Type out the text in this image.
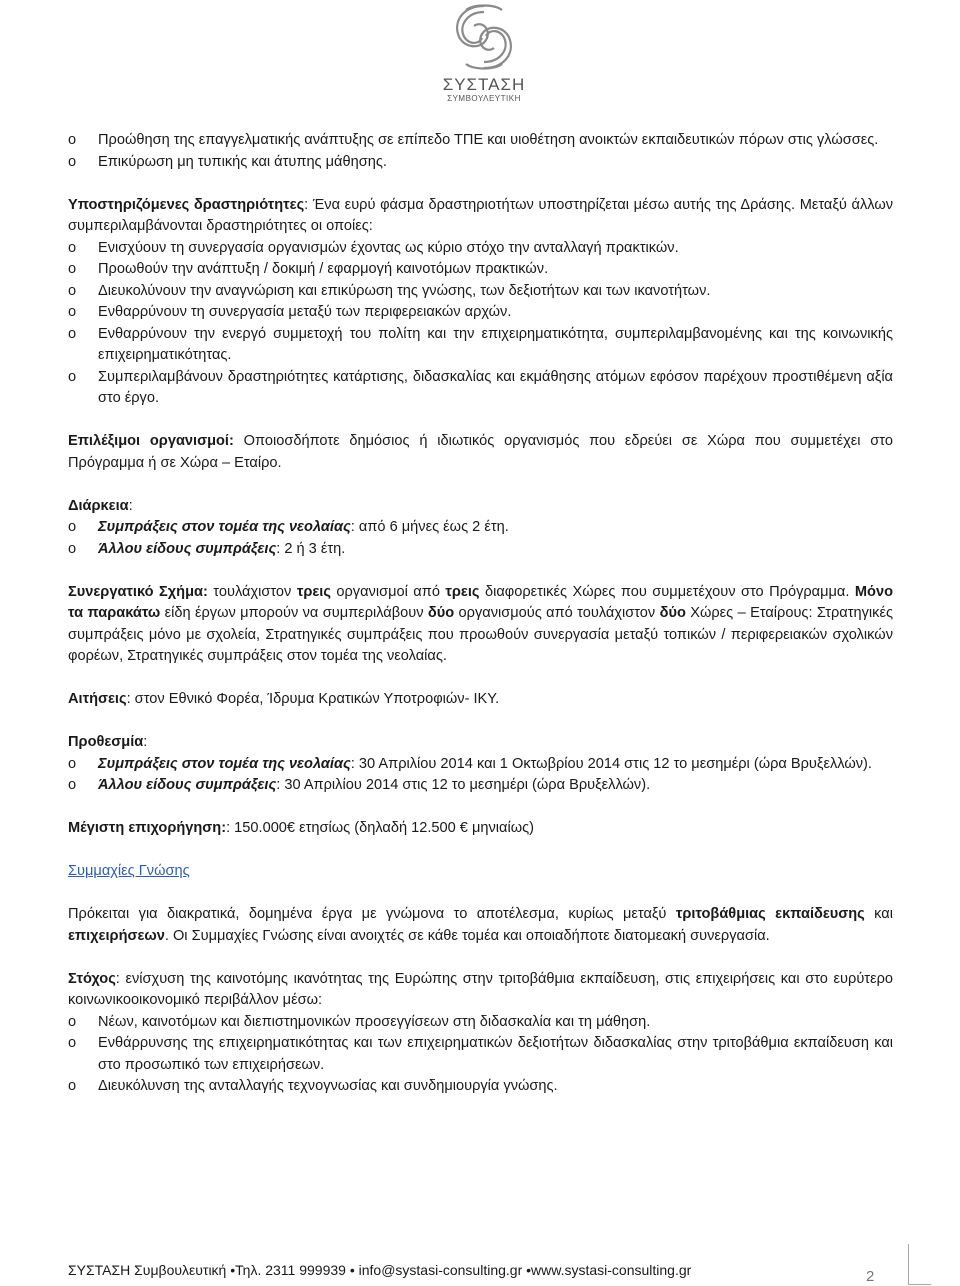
ΣΥΣΤΑΣΗ
ΣΥΜΒΟΥΛΕΥΤΙΚΗ
o Προώθηση της επαγγελματικής ανάπτυξης σε επίπεδο ΤΠΕ και υιοθέτηση ανοικτών εκπαιδευτικών πόρων στις γλώσσες.
o Επικύρωση μη τυπικής και άτυπης μάθησης.

Υποστηριζόμενες δραστηριότητες: Ένα ευρύ φάσμα δραστηριοτήτων υποστηρίζεται μέσω αυτής της Δράσης. Μεταξύ άλλων συμπεριλαμβάνονται δραστηριότητες οι οποίες:

o Ενισχύουν τη συνεργασία οργανισμών έχοντας ως κύριο στόχο την ανταλλαγή πρακτικών.
o Προωθούν την ανάπτυξη / δοκιμή / εφαρμογή καινοτόμων πρακτικών.
o Διευκολύνουν την αναγνώριση και επικύρωση της γνώσης, των δεξιοτήτων και των ικανοτήτων.
o Ενθαρρύνουν τη συνεργασία μεταξύ των περιφερειακών αρχών.
o Ενθαρρύνουν την ενεργό συμμετοχή του πολίτη και την επιχειρηματικότητα, συμπεριλαμβανομένης και της κοινωνικής επιχειρηματικότητας.
o Συμπεριλαμβάνουν δραστηριότητες κατάρτισης, διδασκαλίας και εκμάθησης ατόμων εφόσον παρέχουν προστιθέμενη αξία στο έργο.

Επιλέξιμοι οργανισμοί: Οποιοσδήποτε δημόσιος ή ιδιωτικός οργανισμός που εδρεύει σε Χώρα που συμμετέχει στο Πρόγραμμα ή σε Χώρα – Εταίρο.

Διάρκεια:

o Συμπράξεις στον τομέα της νεολαίας: από 6 μήνες έως 2 έτη.
o Άλλου είδους συμπράξεις: 2 ή 3 έτη.

Συνεργατικό Σχήμα: τουλάχιστον τρεις οργανισμοί από τρεις διαφορετικές Χώρες που συμμετέχουν στο Πρόγραμμα. Μόνο τα παρακάτω είδη έργων μπορούν να συμπεριλάβουν δύο οργανισμούς από τουλάχιστον δύο Χώρες – Εταίρους: Στρατηγικές συμπράξεις μόνο με σχολεία, Στρατηγικές συμπράξεις που προωθούν συνεργασία μεταξύ τοπικών / περιφερειακών σχολικών φορέων, Στρατηγικές συμπράξεις στον τομέα της νεολαίας.

Αιτήσεις: στον Εθνικό Φορέα, Ίδρυμα Κρατικών Υποτροφιών- ΙΚΥ.

Προθεσμία:

o Συμπράξεις στον τομέα της νεολαίας: 30 Απριλίου 2014 και 1 Οκτωβρίου 2014 στις 12 το μεσημέρι (ώρα Βρυξελλών).
o Άλλου είδους συμπράξεις: 30 Απριλίου 2014 στις 12 το μεσημέρι (ώρα Βρυξελλών).

Μέγιστη επιχορήγηση:: 150.000€ ετησίως (δηλαδή 12.500 € μηνιαίως)

Συμμαχίες Γνώσης

Πρόκειται για διακρατικά, δομημένα έργα με γνώμονα το αποτέλεσμα, κυρίως μεταξύ τριτοβάθμιας εκπαίδευσης και επιχειρήσεων. Οι Συμμαχίες Γνώσης είναι ανοιχτές σε κάθε τομέα και οποιαδήποτε διατομεακή συνεργασία.

Στόχος: ενίσχυση της καινοτόμης ικανότητας της Ευρώπης στην τριτοβάθμια εκπαίδευση, στις επιχειρήσεις και στο ευρύτερο κοινωνικοοικονομικό περιβάλλον μέσω:

o Νέων, καινοτόμων και διεπιστημονικών προσεγγίσεων στη διδασκαλία και τη μάθηση.
o Ενθάρρυνσης της επιχειρηματικότητας και των επιχειρηματικών δεξιοτήτων διδασκαλίας στην τριτοβάθμια εκπαίδευση και στο προσωπικό των επιχειρήσεων.
o Διευκόλυνση της ανταλλαγής τεχνογνωσίας και συνδημιουργία γνώσης.
ΣΥΣΤΑΣΗ Συμβουλευτική •Τηλ. 2311 999939 • info@systasi-consulting.gr •www.systasi-consulting.gr	2
